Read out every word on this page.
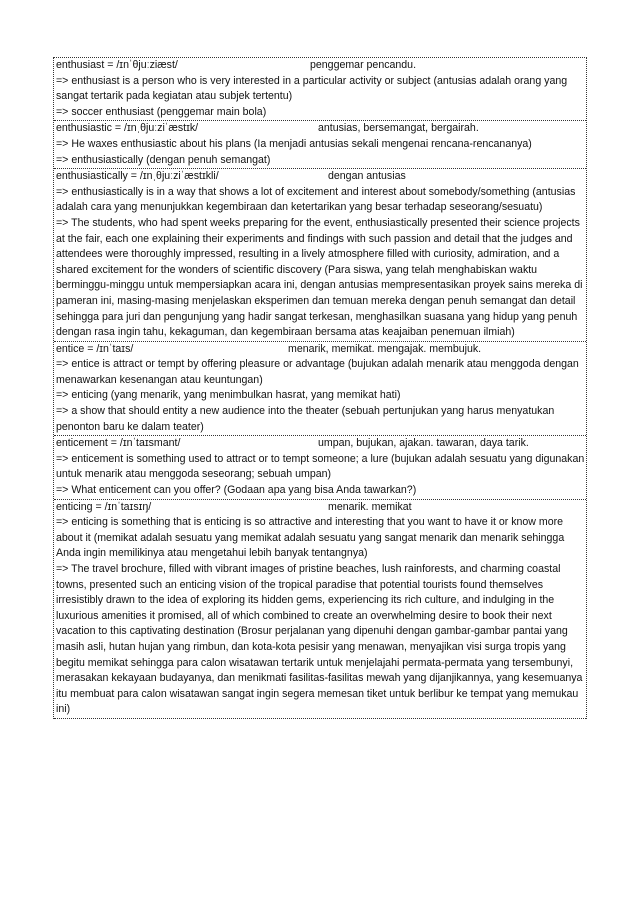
enthusiast = /ɪnˈθjuːziæst/	penggemar pencandu.
=> enthusiast is a person who is very interested in a particular activity or subject (antusias adalah orang yang sangat tertarik pada kegiatan atau subjek tertentu)
=> soccer enthusiast (penggemar main bola)
enthusiastic = /ɪnˌθjuːziˈæstɪk/	antusias, bersemangat, bergairah.
=> He waxes enthusiastic about his plans (Ia menjadi antusias sekali mengenai rencana-rencananya)
=> enthusiastically (dengan penuh semangat)
enthusiastically = /ɪnˌθjuːziˈæstɪkli/	dengan antusias
=> enthusiastically is in a way that shows a lot of excitement and interest about somebody/something (antusias adalah cara yang menunjukkan kegembiraan dan ketertarikan yang besar terhadap seseorang/sesuatu)
=> The students, who had spent weeks preparing for the event, enthusiastically presented their science projects at the fair, each one explaining their experiments and findings with such passion and detail that the judges and attendees were thoroughly impressed, resulting in a lively atmosphere filled with curiosity, admiration, and a shared excitement for the wonders of scientific discovery (Para siswa, yang telah menghabiskan waktu berminggu-minggu untuk mempersiapkan acara ini, dengan antusias mempresentasikan proyek sains mereka di pameran ini, masing-masing menjelaskan eksperimen dan temuan mereka dengan penuh semangat dan detail sehingga para juri dan pengunjung yang hadir sangat terkesan, menghasilkan suasana yang hidup yang penuh dengan rasa ingin tahu, kekaguman, dan kegembiraan bersama atas keajaiban penemuan ilmiah)
entice = /ɪnˈtaɪs/	menarik, memikat. mengajak. membujuk.
=> entice is attract or tempt by offering pleasure or advantage (bujukan adalah menarik atau menggoda dengan menawarkan kesenangan atau keuntungan)
=> enticing (yang menarik, yang menimbulkan hasrat, yang memikat hati)
=> a show that should entity a new audience into the theater (sebuah pertunjukan yang harus menyatukan penonton baru ke dalam teater)
enticement = /ɪnˈtaɪsmant/	umpan, bujukan, ajakan. tawaran, daya tarik.
=> enticement is something used to attract or to tempt someone; a lure (bujukan adalah sesuatu yang digunakan untuk menarik atau menggoda seseorang; sebuah umpan)
=> What enticement can you offer? (Godaan apa yang bisa Anda tawarkan?)
enticing = /ɪnˈtaɪsɪŋ/	menarik. memikat
=> enticing is something that is enticing is so attractive and interesting that you want to have it or know more about it (memikat adalah sesuatu yang memikat adalah sesuatu yang sangat menarik dan menarik sehingga Anda ingin memilikinya atau mengetahui lebih banyak tentangnya)
=> The travel brochure, filled with vibrant images of pristine beaches, lush rainforests, and charming coastal towns, presented such an enticing vision of the tropical paradise that potential tourists found themselves irresistibly drawn to the idea of exploring its hidden gems, experiencing its rich culture, and indulging in the luxurious amenities it promised, all of which combined to create an overwhelming desire to book their next vacation to this captivating destination (Brosur perjalanan yang dipenuhi dengan gambar-gambar pantai yang masih asli, hutan hujan yang rimbun, dan kota-kota pesisir yang menawan, menyajikan visi surga tropis yang begitu memikat sehingga para calon wisatawan tertarik untuk menjelajahi permata-permata yang tersembunyi, merasakan kekayaan budayanya, dan menikmati fasilitas-fasilitas mewah yang dijanjikannya, yang kesemuanya itu membuat para calon wisatawan sangat ingin segera memesan tiket untuk berlibur ke tempat yang memukau ini)
